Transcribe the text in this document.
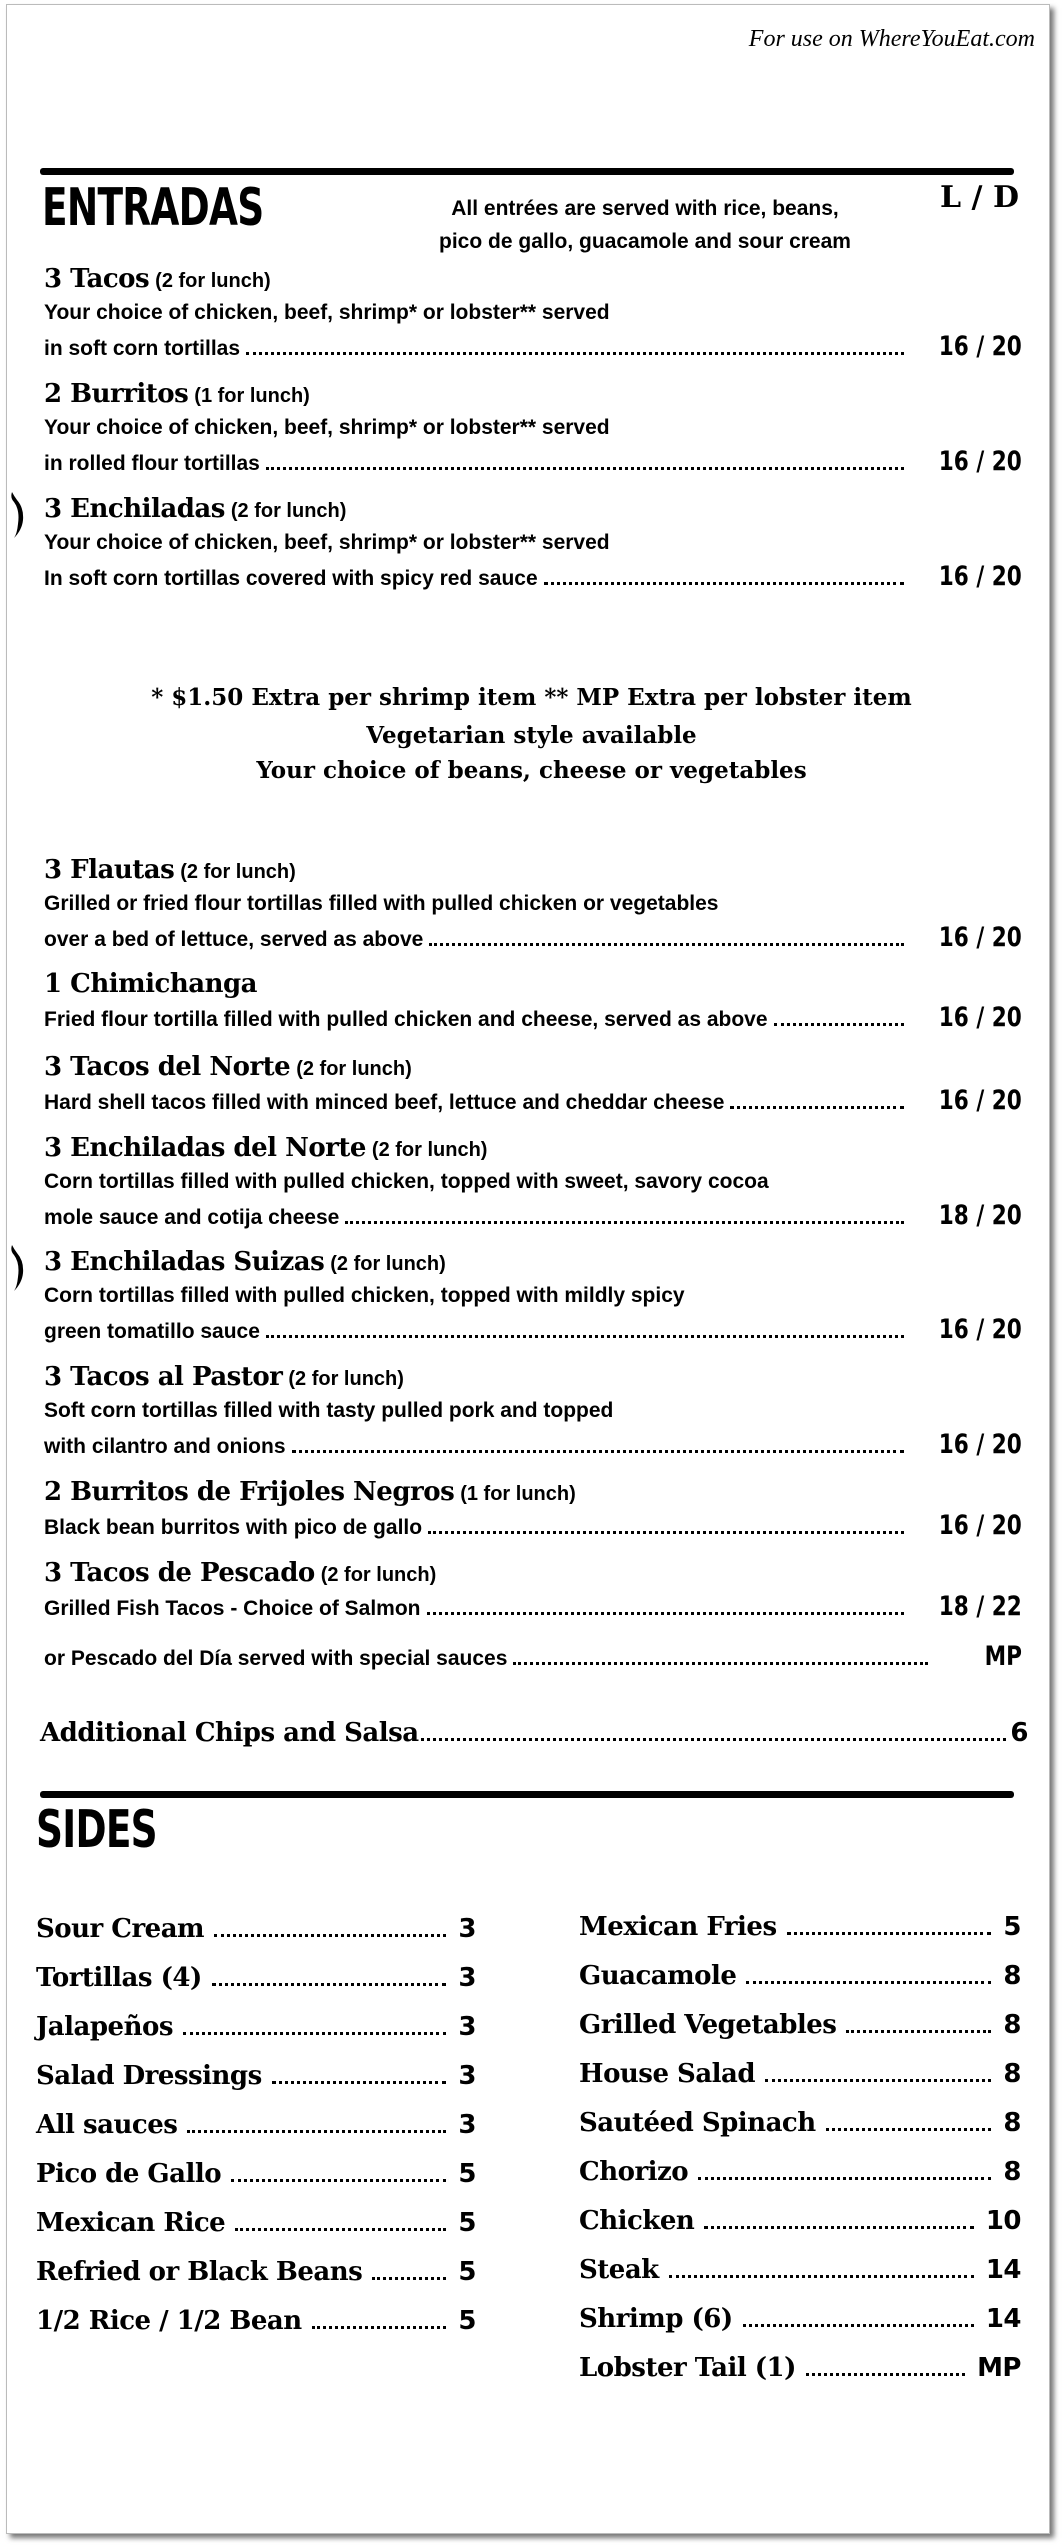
For use on WhereYouEat.com
ENTRADAS	All entrées are served with rice, beans,
pico de gallo, guacamole and sour cream
L / D
3 Tacos (2 for lunch)
Your choice of chicken, beef, shrimp* or lobster** served
in soft corn tortillas	16 / 20
2 Burritos (1 for lunch)
Your choice of chicken, beef, shrimp* or lobster** served
in rolled flour tortillas	16 / 20
3 Enchiladas (2 for lunch)
Your choice of chicken, beef, shrimp* or lobster** served
In soft corn tortillas covered with spicy red sauce	16 / 20
* $1.50 Extra per shrimp item ** MP Extra per lobster item
Vegetarian style available
Your choice of beans, cheese or vegetables
3 Flautas (2 for lunch)
Grilled or fried flour tortillas filled with pulled chicken or vegetables
over a bed of lettuce, served as above	16 / 20
1 Chimichanga
Fried flour tortilla filled with pulled chicken and cheese, served as above	16 / 20
3 Tacos del Norte (2 for lunch)
Hard shell tacos filled with minced beef, lettuce and cheddar cheese	16 / 20
3 Enchiladas del Norte (2 for lunch)
Corn tortillas filled with pulled chicken, topped with sweet, savory cocoa
mole sauce and cotija cheese	18 / 20
3 Enchiladas Suizas (2 for lunch)
Corn tortillas filled with pulled chicken, topped with mildly spicy
green tomatillo sauce	16 / 20
3 Tacos al Pastor (2 for lunch)
Soft corn tortillas filled with tasty pulled pork and topped
with cilantro and onions	16 / 20
2 Burritos de Frijoles Negros (1 for lunch)
Black bean burritos with pico de gallo	16 / 20
3 Tacos de Pescado (2 for lunch)
Grilled Fish Tacos - Choice of Salmon	18 / 22
or Pescado del Día served with special sauces	MP
Additional Chips and Salsa	6
SIDES
Sour Cream	3
Tortillas (4)	3
Jalapeños	3
Salad Dressings	3
All sauces	3
Pico de Gallo	5
Mexican Rice	5
Refried or Black Beans	5
1/2 Rice / 1/2 Bean	5
Mexican Fries	5
Guacamole	8
Grilled Vegetables	8
House Salad	8
Sautéed Spinach	8
Chorizo	8
Chicken	10
Steak	14
Shrimp (6)	14
Lobster Tail (1)	MP
